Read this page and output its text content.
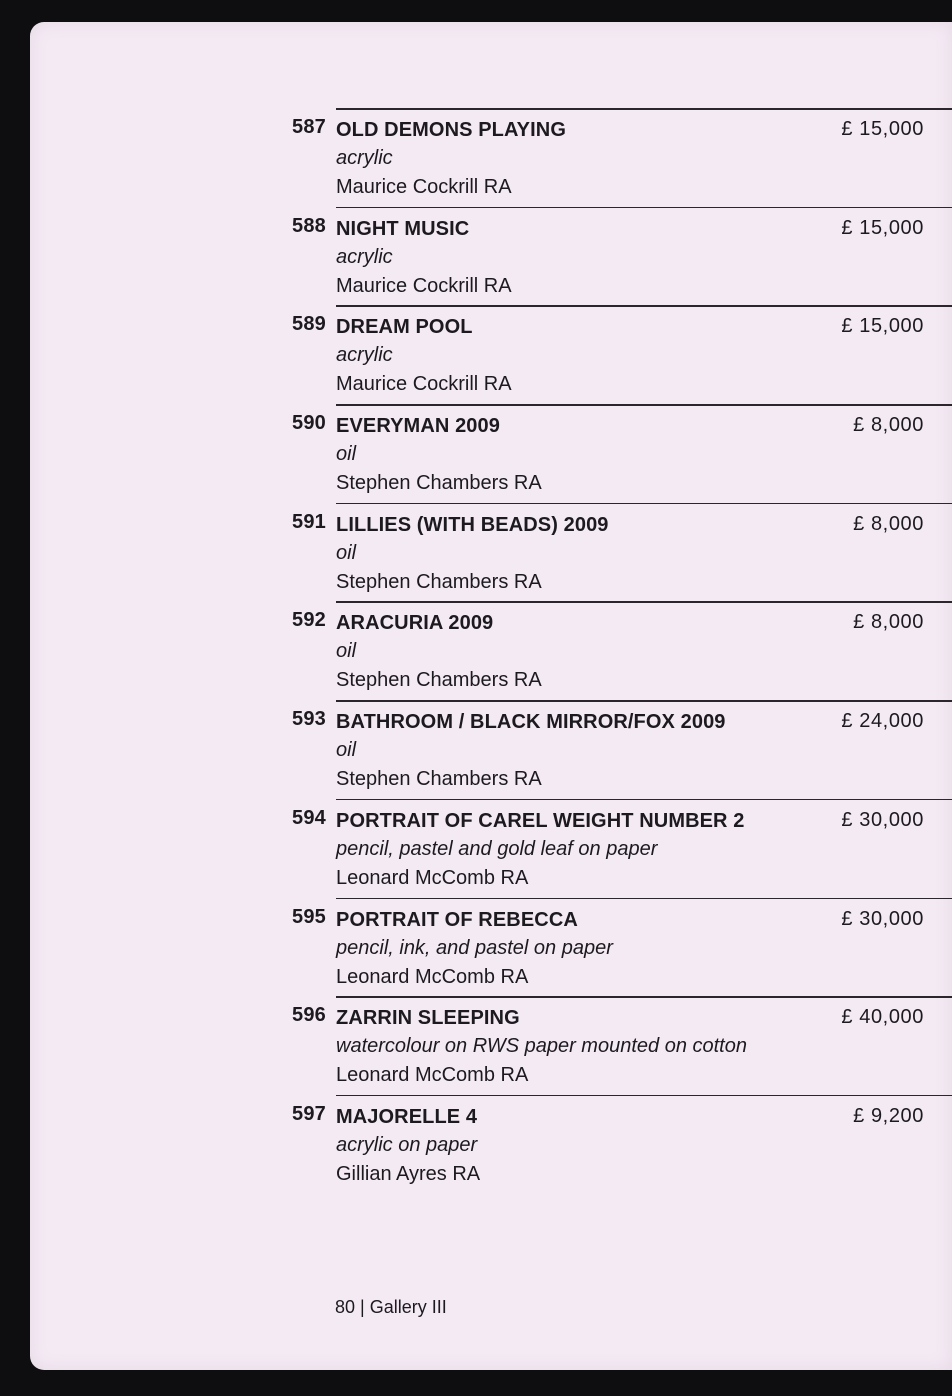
587 OLD DEMONS PLAYING
acrylic
Maurice Cockrill RA
£ 15,000
588 NIGHT MUSIC
acrylic
Maurice Cockrill RA
£ 15,000
589 DREAM POOL
acrylic
Maurice Cockrill RA
£ 15,000
590 EVERYMAN 2009
oil
Stephen Chambers RA
£ 8,000
591 LILLIES (WITH BEADS) 2009
oil
Stephen Chambers RA
£ 8,000
592 ARACURIA 2009
oil
Stephen Chambers RA
£ 8,000
593 BATHROOM / BLACK MIRROR/FOX 2009
oil
Stephen Chambers RA
£ 24,000
594 PORTRAIT OF CAREL WEIGHT NUMBER 2
pencil, pastel and gold leaf on paper
Leonard McComb RA
£ 30,000
595 PORTRAIT OF REBECCA
pencil, ink, and pastel on paper
Leonard McComb RA
£ 30,000
596 ZARRIN SLEEPING
watercolour on RWS paper mounted on cotton
Leonard McComb RA
£ 40,000
597 MAJORELLE 4
acrylic on paper
Gillian Ayres RA
£ 9,200
80 | Gallery III
